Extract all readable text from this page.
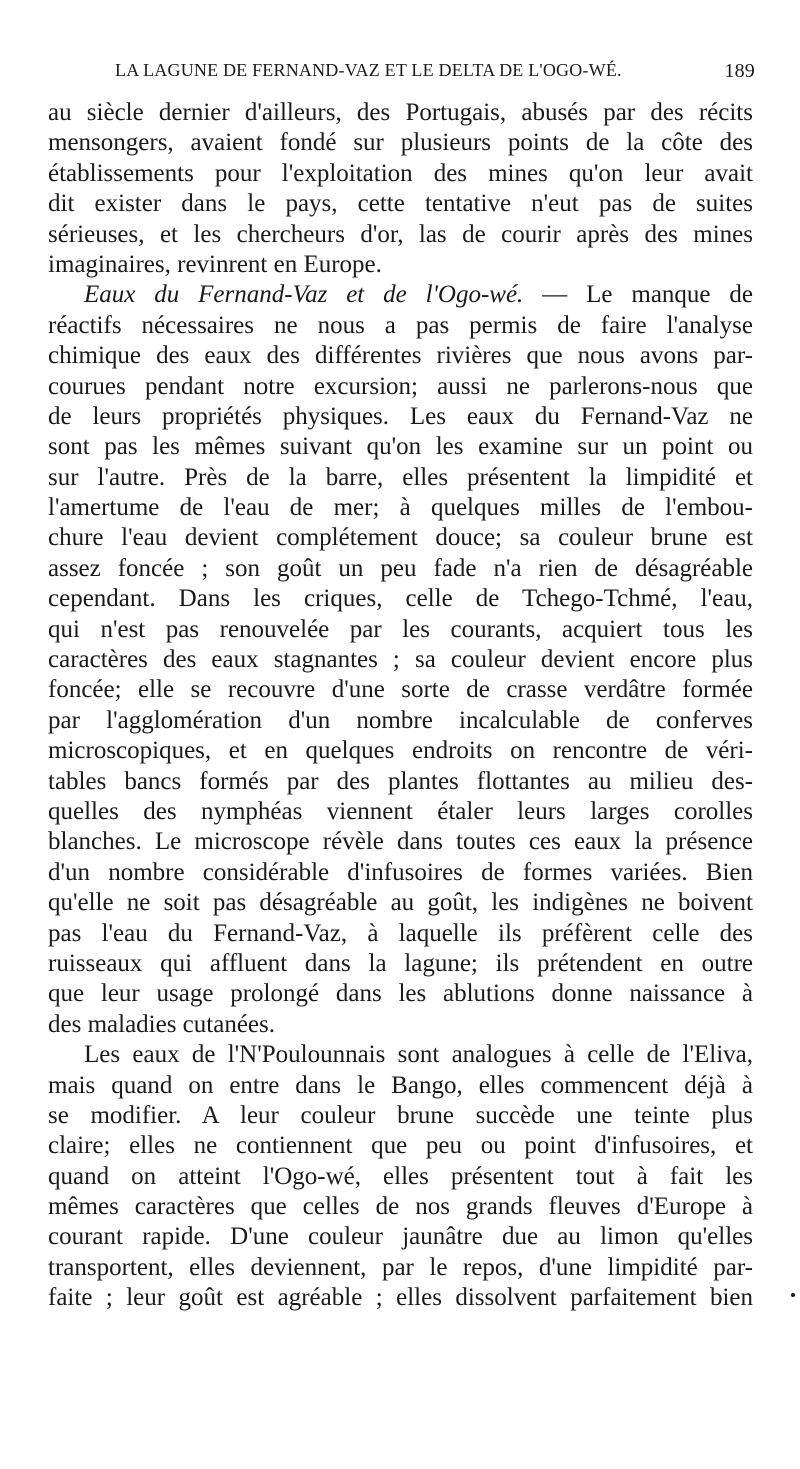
LA LAGUNE DE FERNAND-VAZ ET LE DELTA DE L'OGO-WÉ.	189
au siècle dernier d'ailleurs, des Portugais, abusés par des récits
mensongers, avaient fondé sur plusieurs points de la côte des
établissements pour l'exploitation des mines qu'on leur avait
dit exister dans le pays, cette tentative n'eut pas de suites
sérieuses, et les chercheurs d'or, las de courir après des mines
imaginaires, revinrent en Europe.
Eaux du Fernand-Vaz et de l'Ogo-wé. — Le manque de
réactifs nécessaires ne nous a pas permis de faire l'analyse
chimique des eaux des différentes rivières que nous avons par-
courues pendant notre excursion; aussi ne parlerons-nous que
de leurs propriétés physiques. Les eaux du Fernand-Vaz ne
sont pas les mêmes suivant qu'on les examine sur un point ou
sur l'autre. Près de la barre, elles présentent la limpidité et
l'amertume de l'eau de mer; à quelques milles de l'embou-
chure l'eau devient complétement douce; sa couleur brune est
assez foncée ; son goût un peu fade n'a rien de désagréable
cependant. Dans les criques, celle de Tchego-Tchmé, l'eau,
qui n'est pas renouvelée par les courants, acquiert tous les
caractères des eaux stagnantes ; sa couleur devient encore plus
foncée; elle se recouvre d'une sorte de crasse verdâtre formée
par l'agglomération d'un nombre incalculable de conferves
microscopiques, et en quelques endroits on rencontre de véri-
tables bancs formés par des plantes flottantes au milieu des-
quelles des nymphéas viennent étaler leurs larges corolles
blanches. Le microscope révèle dans toutes ces eaux la présence
d'un nombre considérable d'infusoires de formes variées. Bien
qu'elle ne soit pas désagréable au goût, les indigènes ne boivent
pas l'eau du Fernand-Vaz, à laquelle ils préfèrent celle des
ruisseaux qui affluent dans la lagune; ils prétendent en outre
que leur usage prolongé dans les ablutions donne naissance à
des maladies cutanées.
Les eaux de l'N'Poulounnais sont analogues à celle de l'Eliva,
mais quand on entre dans le Bango, elles commencent déjà à
se modifier. A leur couleur brune succède une teinte plus
claire; elles ne contiennent que peu ou point d'infusoires, et
quand on atteint l'Ogo-wé, elles présentent tout à fait les
mêmes caractères que celles de nos grands fleuves d'Europe à
courant rapide. D'une couleur jaunâtre due au limon qu'elles
transportent, elles deviennent, par le repos, d'une limpidité par-
faite ; leur goût est agréable ; elles dissolvent parfaitement bien
